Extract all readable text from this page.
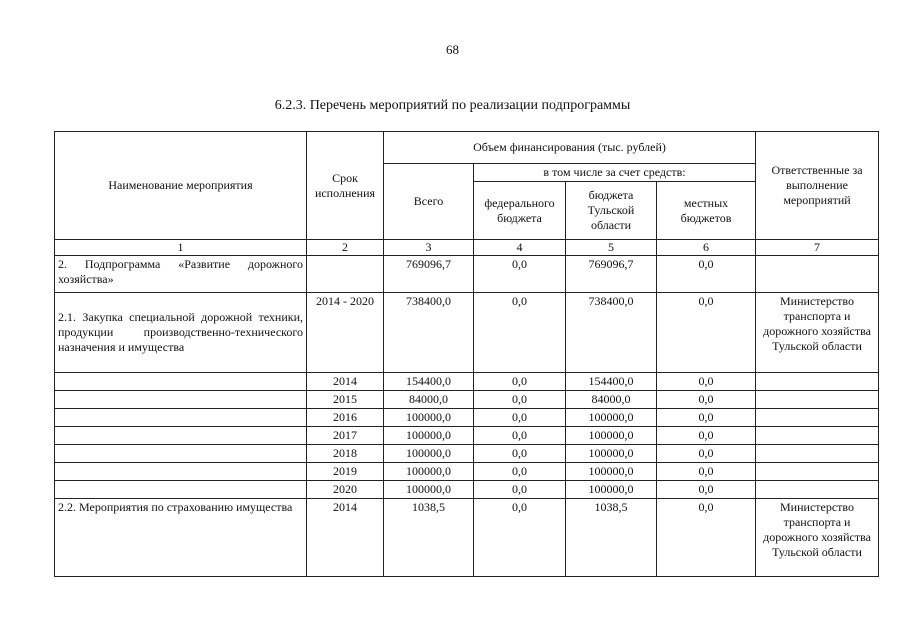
68
6.2.3. Перечень мероприятий по реализации подпрограммы
Наименование мероприятия	Срок исполнения	Объем финансирования (тыс. рублей)				Ответственные за выполнение мероприятий
		Всего	в том числе за счет средств:			
			федерального бюджета	бюджета Тульской области	местных бюджетов	
1	2	3	4	5	6	7
2. Подпрограмма «Развитие дорожного хозяйства»		769096,7	0,0	769096,7	0,0	
2.1. Закупка специальной дорожной техники, продукции производственно-технического назначения и имущества	2014 - 2020	738400,0	0,0	738400,0	0,0	Министерство транспорта и дорожного хозяйства Тульской области
	2014	154400,0	0,0	154400,0	0,0	
	2015	84000,0	0,0	84000,0	0,0	
	2016	100000,0	0,0	100000,0	0,0	
	2017	100000,0	0,0	100000,0	0,0	
	2018	100000,0	0,0	100000,0	0,0	
	2019	100000,0	0,0	100000,0	0,0	
	2020	100000,0	0,0	100000,0	0,0	
2.2. Мероприятия по страхованию имущества	2014	1038,5	0,0	1038,5	0,0	Министерство транспорта и дорожного хозяйства Тульской области
